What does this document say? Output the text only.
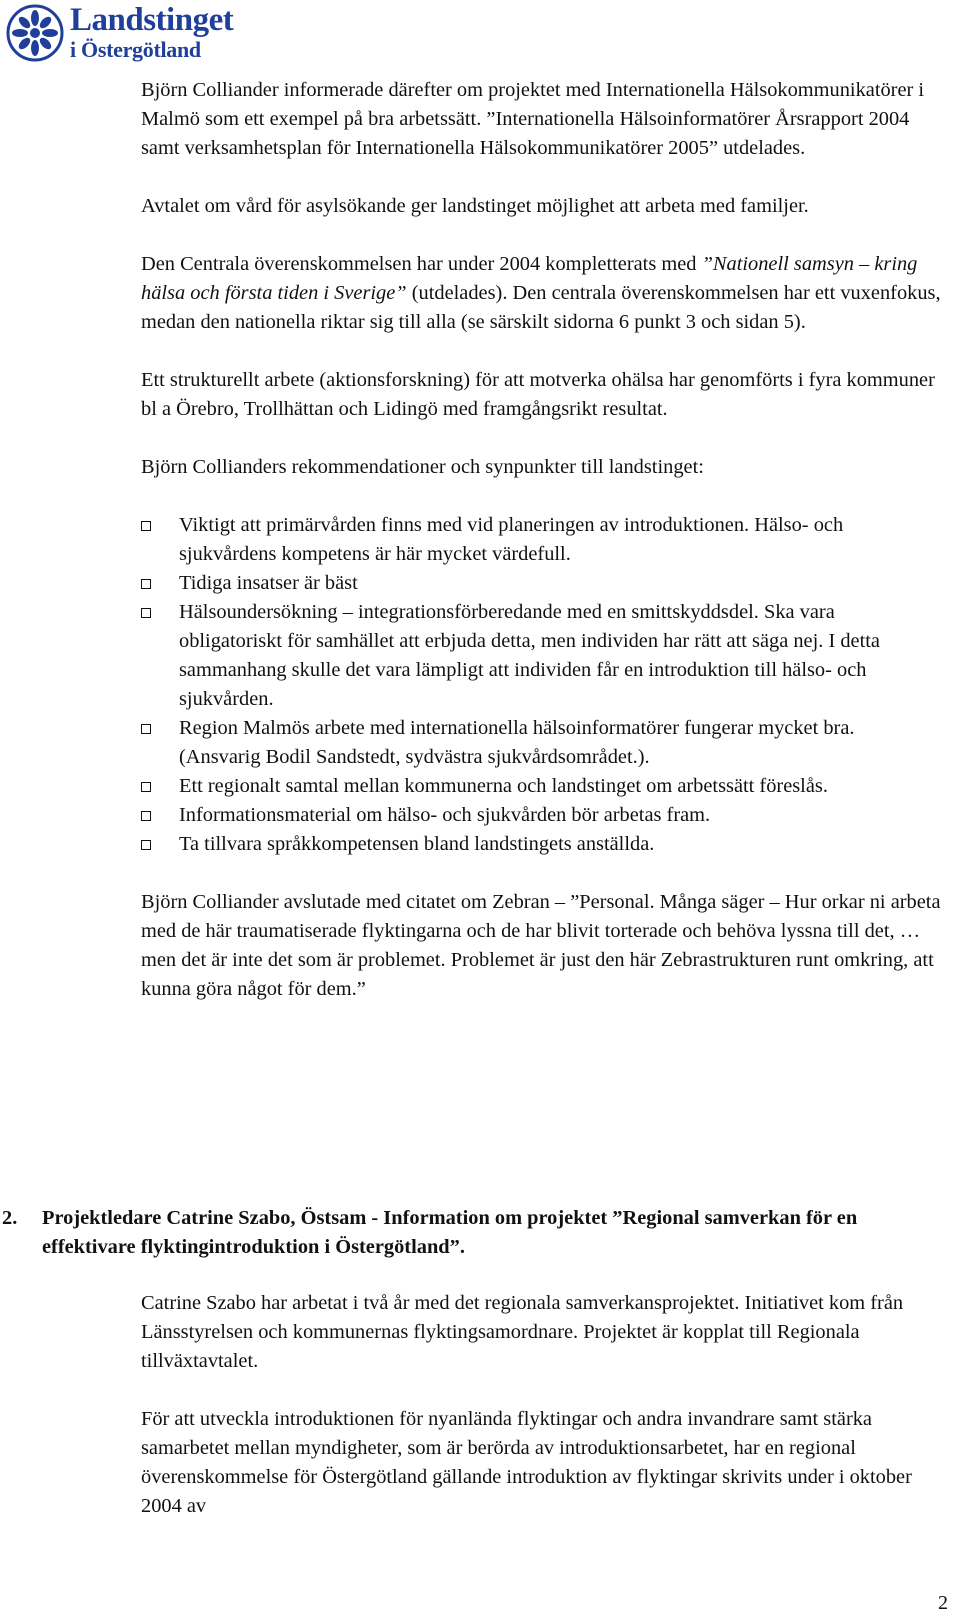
Landstinget
i Östergötland

Björn Colliander informerade därefter om projektet med Internationella Hälsokommunikatörer i Malmö som ett exempel på bra arbetssätt. ”Internationella Hälsoinformatörer Årsrapport 2004 samt verksamhetsplan för Internationella Hälsokommunikatörer 2005” utdelades.

Avtalet om vård för asylsökande ger landstinget möjlighet att arbeta med familjer.

Den Centrala överenskommelsen har under 2004 kompletterats med ”Nationell samsyn – kring hälsa och första tiden i Sverige” (utdelades). Den centrala överenskommelsen har ett vuxenfokus, medan den nationella riktar sig till alla (se särskilt sidorna 6 punkt 3 och sidan 5).

Ett strukturellt arbete (aktionsforskning) för att motverka ohälsa har genomförts i fyra kommuner bl a Örebro, Trollhättan och Lidingö med framgångsrikt resultat.

Björn Collianders rekommendationer och synpunkter till landstinget:

Viktigt att primärvården finns med vid planeringen av introduktionen. Hälso- och sjukvårdens kompetens är här mycket värdefull.
Tidiga insatser är bäst
Hälsoundersökning – integrationsförberedande med en smittskyddsdel. Ska vara obligatoriskt för samhället att erbjuda detta, men individen har rätt att säga nej. I detta sammanhang skulle det vara lämpligt att individen får en introduktion till hälso- och sjukvården.
Region Malmös arbete med internationella hälsoinformatörer fungerar mycket bra. (Ansvarig Bodil Sandstedt, sydvästra sjukvårdsområdet.).
Ett regionalt samtal mellan kommunerna och landstinget om arbetssätt föreslås.
Informationsmaterial om hälso- och sjukvården bör arbetas fram.
Ta tillvara språkkompetensen bland landstingets anställda.

Björn Colliander avslutade med citatet om Zebran – ”Personal. Många säger – Hur orkar ni arbeta med de här traumatiserade flyktingarna och de har blivit torterade och behöva lyssna till det, … men det är inte det som är problemet. Problemet är just den här Zebrastrukturen runt omkring, att kunna göra något för dem.”

2. Projektledare Catrine Szabo, Östsam - Information om projektet ”Regional samverkan för en effektivare flyktingintroduktion i Östergötland”.

Catrine Szabo har arbetat i två år med det regionala samverkansprojektet. Initiativet kom från Länsstyrelsen och kommunernas flyktingsamordnare. Projektet är kopplat till Regionala tillväxtavtalet.

För att utveckla introduktionen för nyanlända flyktingar och andra invandrare samt stärka samarbetet mellan myndigheter, som är berörda av introduktionsarbetet, har en regional överenskommelse för Östergötland gällande introduktion av flyktingar skrivits under i oktober 2004 av

2
